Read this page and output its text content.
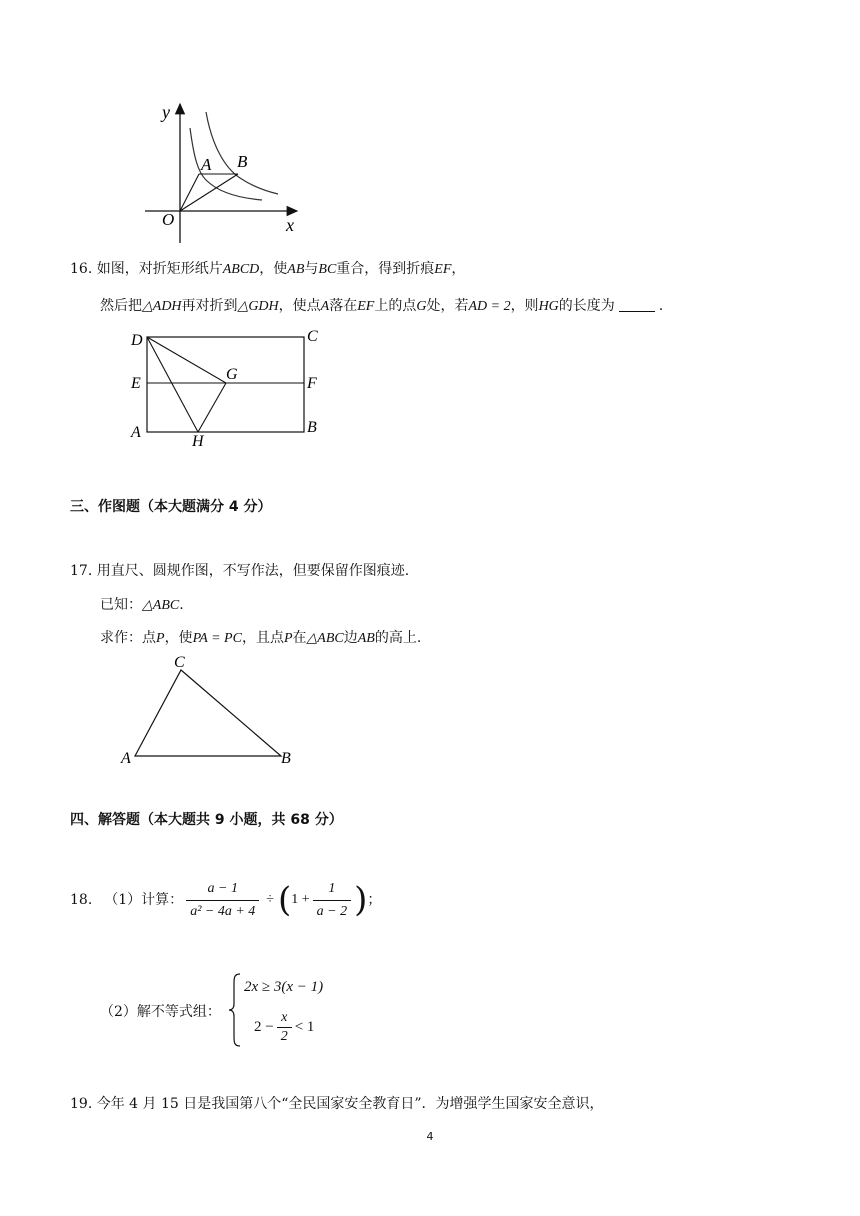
y
x
O
A B
16. 如图，对折矩形纸片ABCD，使AB与BC重合，得到折痕EF，
然后把△ADH再对折到△GDH，使点A落在EF上的点G处，若AD = 2，则HG的长度为	.
D	C
E
G
F
A
H
B
三、作图题（本大题满分 4 分）
17. 用直尺、圆规作图，不写作法，但要保留作图痕迹.
已知：△ABC.
求作：点P，使PA = PC，且点P在△ABC边AB的高上.
C
A	B
四、解答题（本大题共 9 小题，共 68 分）
18. （1）计算： $\frac{a - 1}{\text{a² − 4a + 4}}$ ÷ ( $1 + \frac{1}{a - 2}$ ) ；
（2）解不等式组：
2x ≥ 3(x − 1)
$2 - \frac{x}{2} < 1$
19. 今年 4 月 15 日是我国第八个“全民国家安全教育日”．为增强学生国家安全意识，
4
